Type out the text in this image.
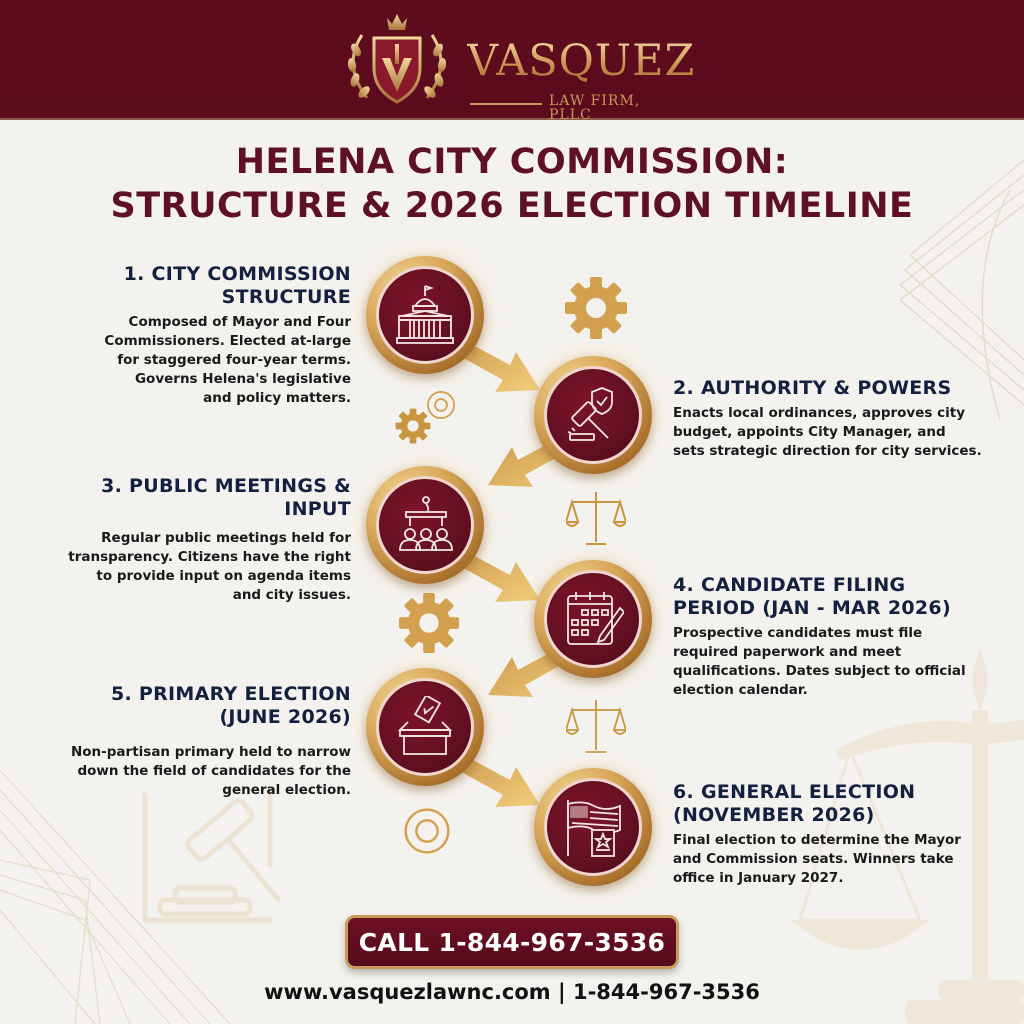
VASQUEZ
LAW FIRM, PLLC
HELENA CITY COMMISSION:
STRUCTURE & 2026 ELECTION TIMELINE
1. CITY COMMISSION
STRUCTURE

Composed of Mayor and Four
Commissioners. Elected at-large
for staggered four-year terms.
Governs Helena's legislative
and policy matters.	2. AUTHORITY & POWERS

Enacts local ordinances, approves city
budget, appoints City Manager, and
sets strategic direction for city services.

3. PUBLIC MEETINGS &
INPUT

Regular public meetings held for
transparency. Citizens have the right
to provide input on agenda items
and city issues.	4. CANDIDATE FILING
PERIOD (JAN - MAR 2026)

Prospective candidates must file
required paperwork and meet
qualifications. Dates subject to official
election calendar.

5. PRIMARY ELECTION
(JUNE 2026)

Non-partisan primary held to narrow
down the field of candidates for the
general election.	6. GENERAL ELECTION
(NOVEMBER 2026)

Final election to determine the Mayor
and Commission seats. Winners take
office in January 2027.

CALL 1-844-967-3536
www.vasquezlawnc.com | 1-844-967-3536
